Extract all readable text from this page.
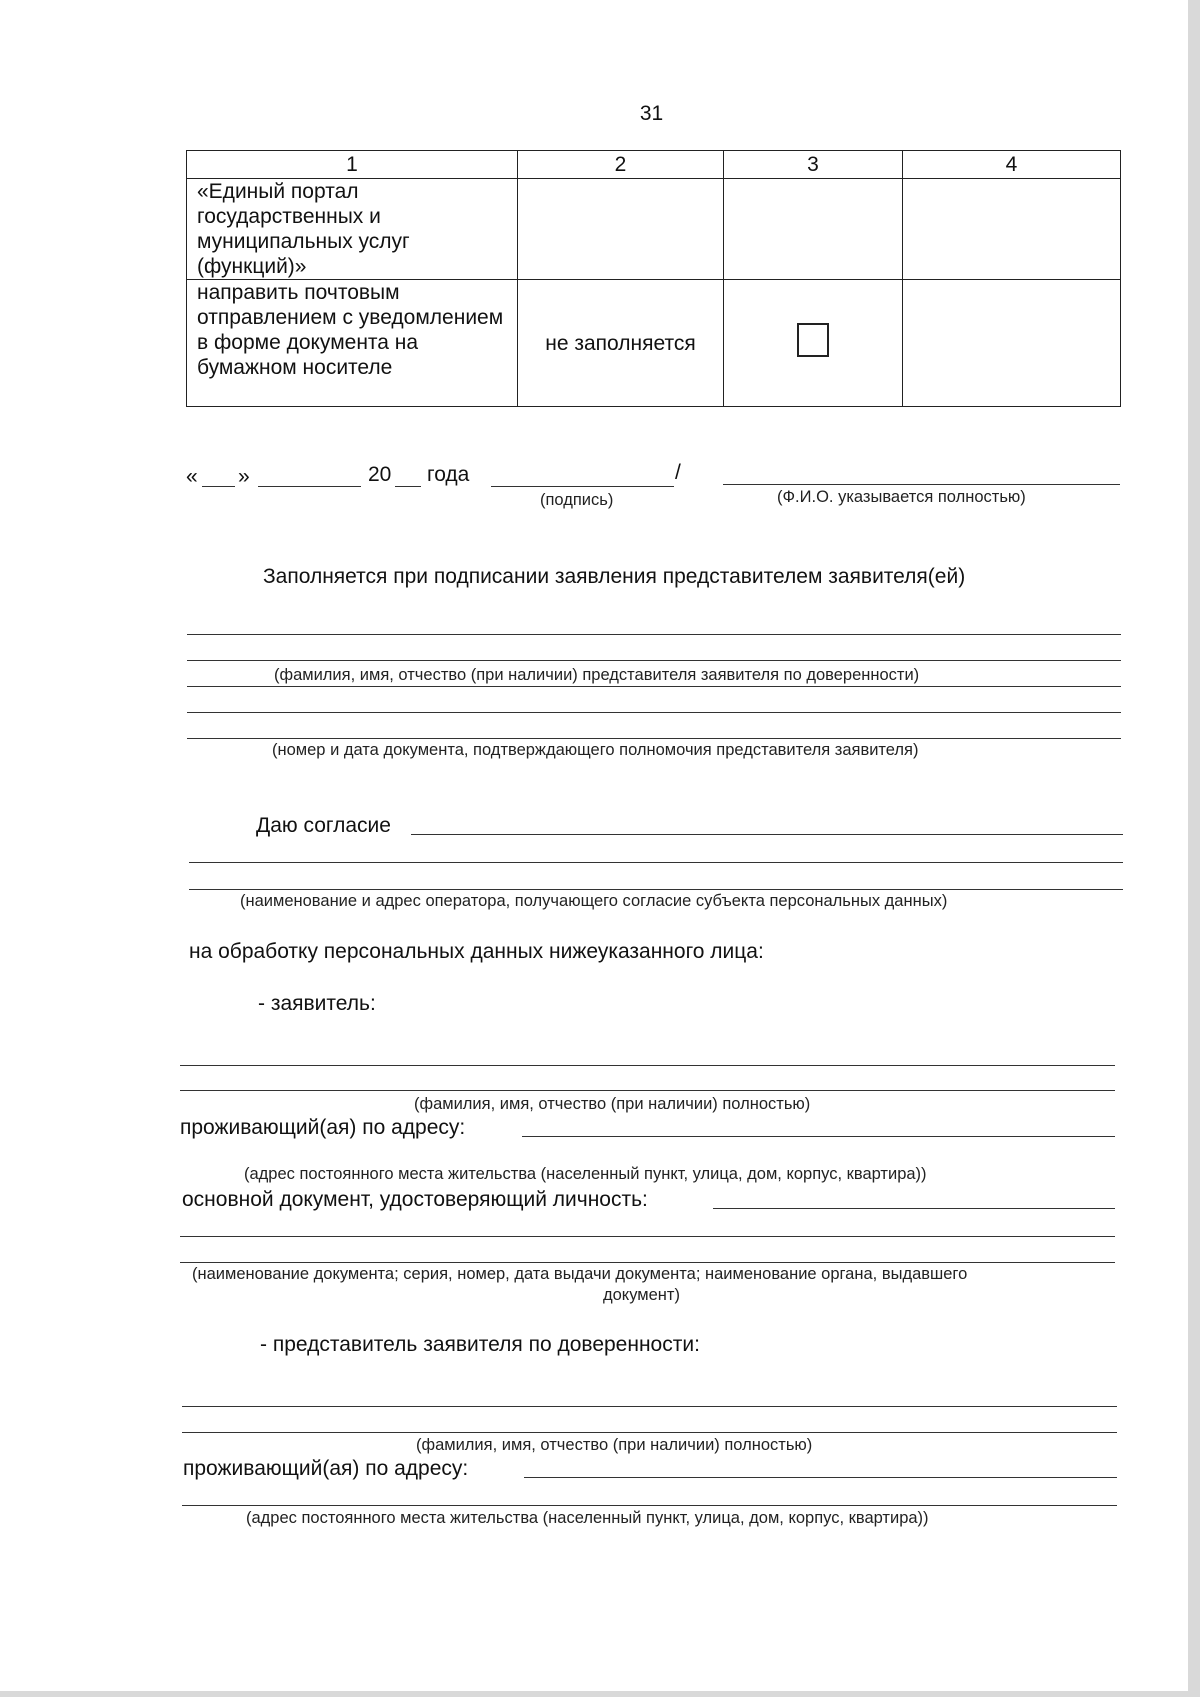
31
1	2	3	4
«Единый портал государственных и муниципальных услуг (функций)»			
направить почтовым отправлением с уведомлением в форме документа на бумажном носителе	не заполняется		
« »	20 года	/
(подпись)	(Ф.И.О. указывается полностью)
Заполняется при подписании заявления представителем заявителя(ей)
(фамилия, имя, отчество (при наличии) представителя заявителя по доверенности)
(номер и дата документа, подтверждающего полномочия представителя заявителя)
Даю согласие
(наименование и адрес оператора, получающего согласие субъекта персональных данных)
на обработку персональных данных нижеуказанного лица:
- заявитель:
(фамилия, имя, отчество (при наличии) полностью)
проживающий(ая) по адресу:
(адрес постоянного места жительства (населенный пункт, улица, дом, корпус, квартира))
основной документ, удостоверяющий личность:
(наименование документа; серия, номер, дата выдачи документа; наименование органа, выдавшего
документ)
- представитель заявителя по доверенности:
(фамилия, имя, отчество (при наличии) полностью)
проживающий(ая) по адресу:
(адрес постоянного места жительства (населенный пункт, улица, дом, корпус, квартира))
